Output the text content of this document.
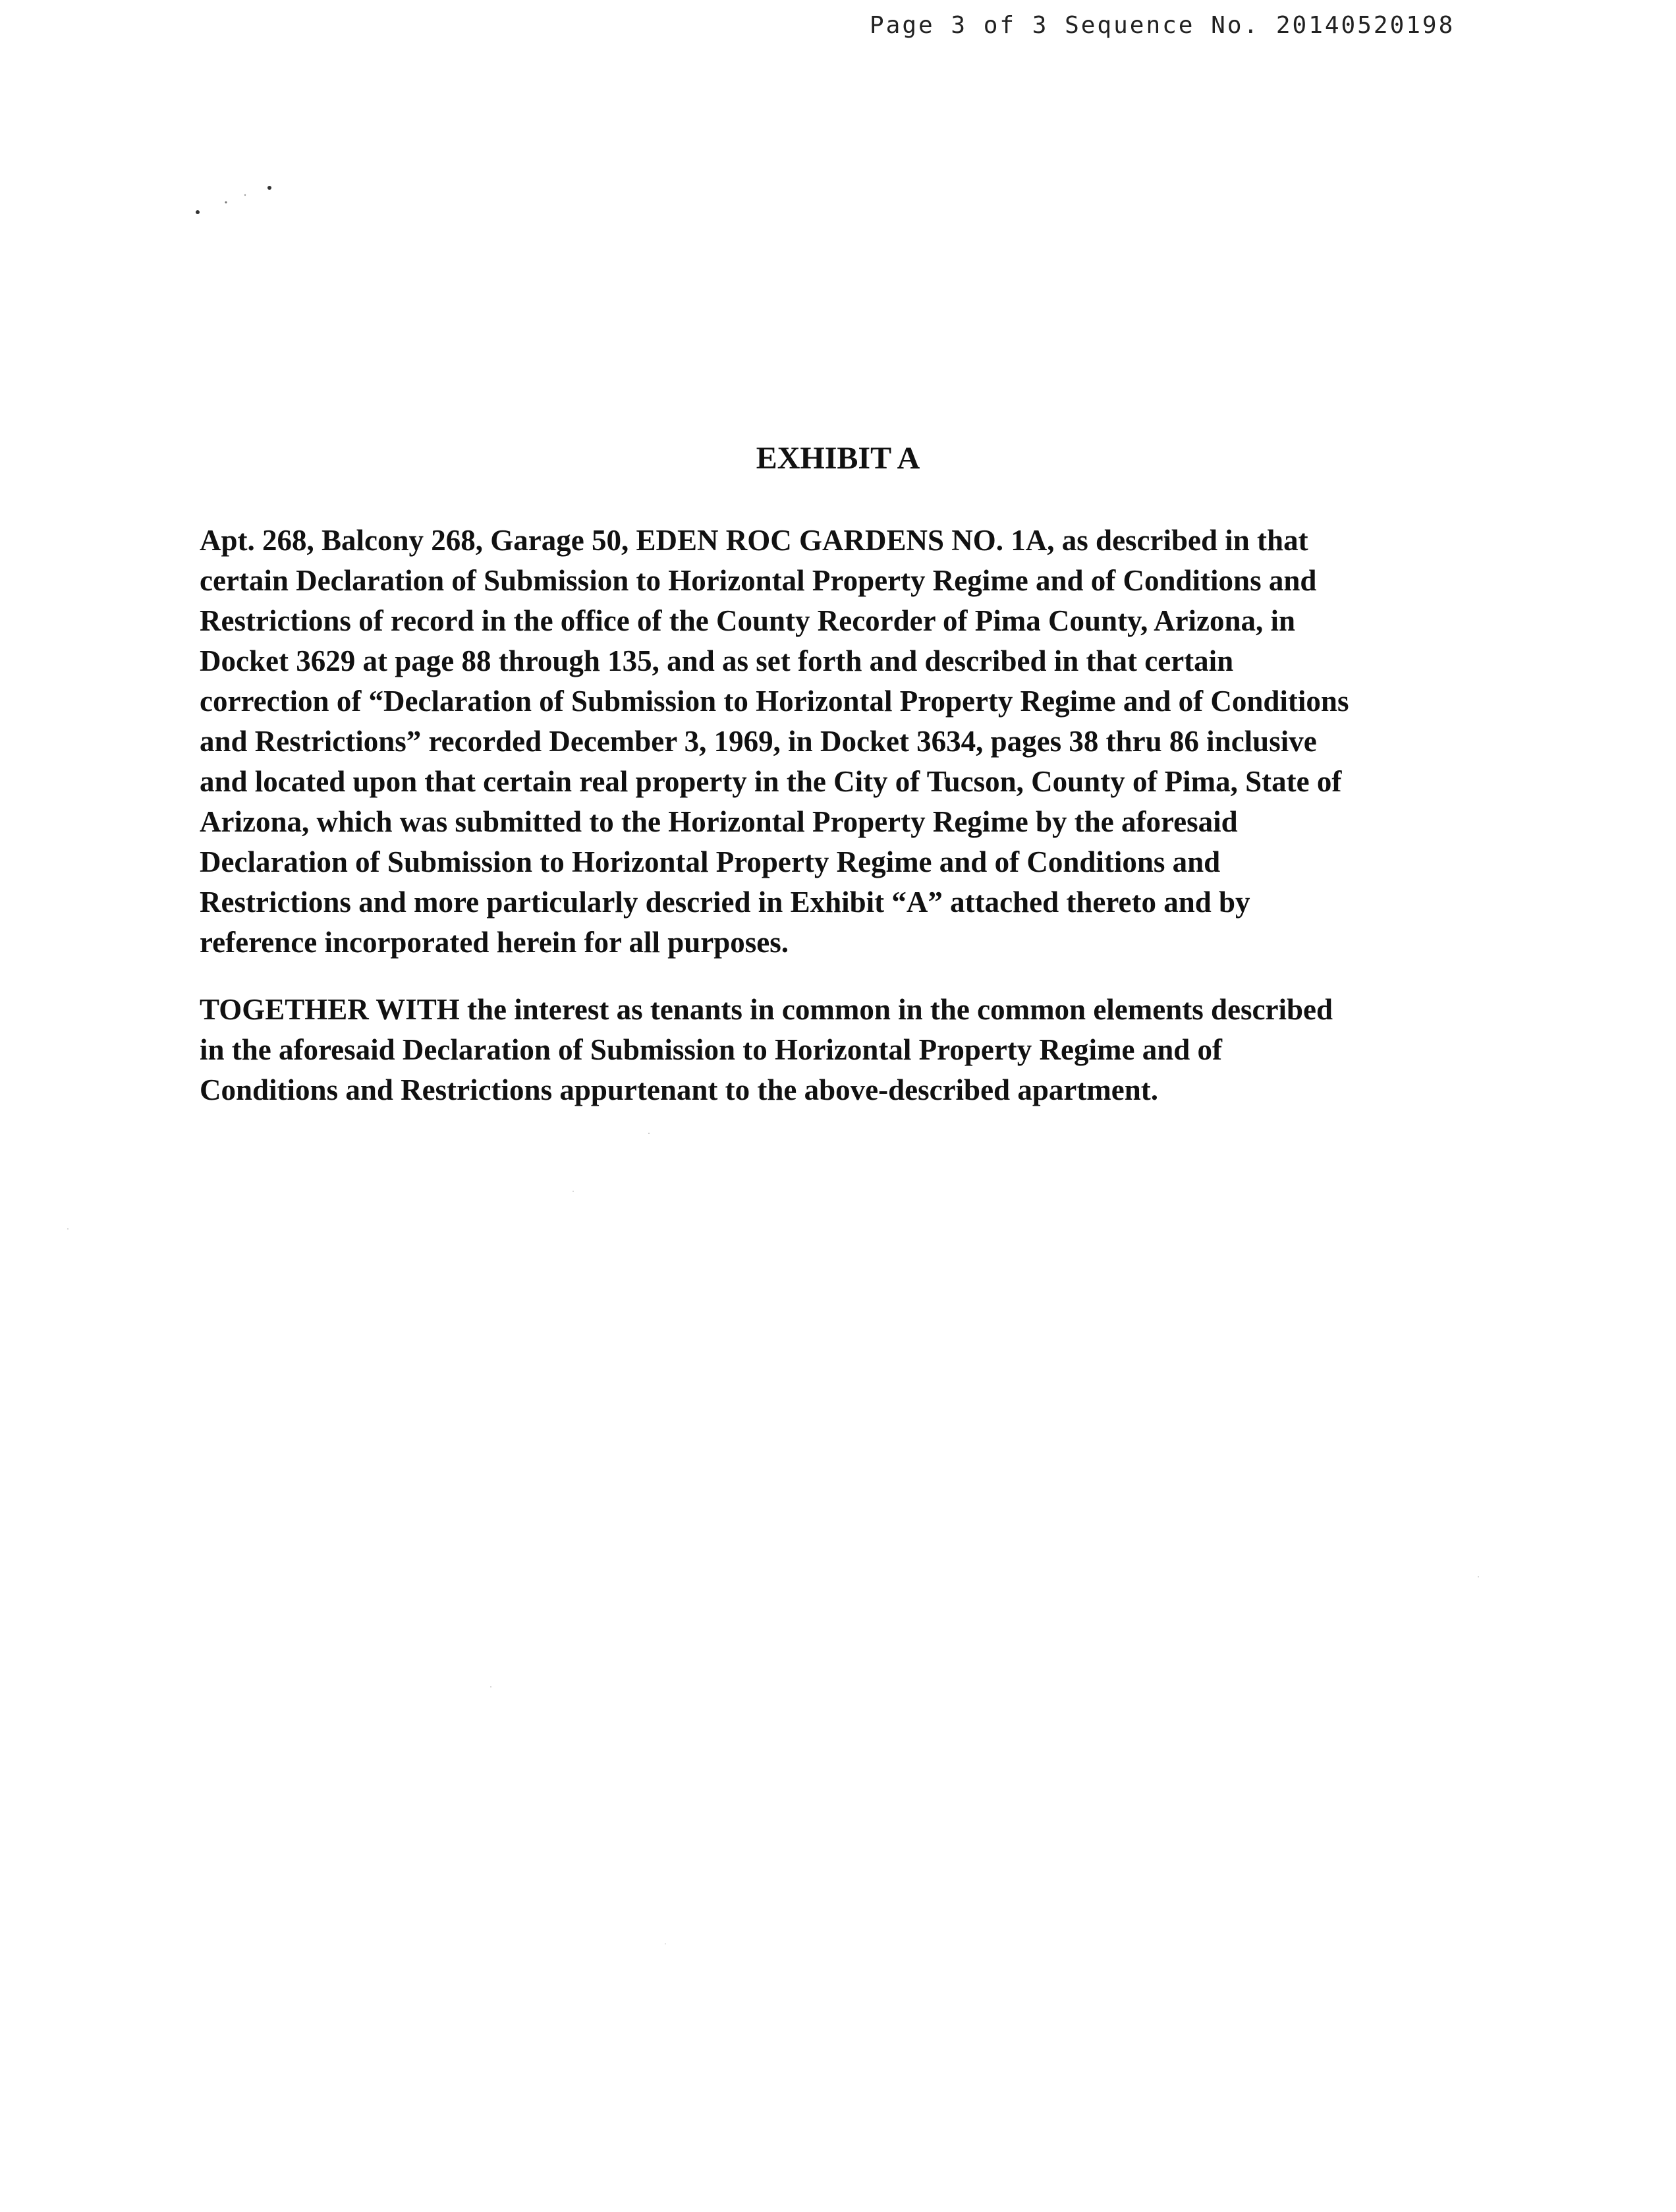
Page 3 of 3 Sequence No. 20140520198
EXHIBIT A
Apt. 268, Balcony 268, Garage 50, EDEN ROC GARDENS NO. 1A, as described in that
certain Declaration of Submission to Horizontal Property Regime and of Conditions and
Restrictions of record in the office of the County Recorder of Pima County, Arizona, in
Docket 3629 at page 88 through 135, and as set forth and described in that certain
correction of “Declaration of Submission to Horizontal Property Regime and of Conditions
and Restrictions” recorded December 3, 1969, in Docket 3634, pages 38 thru 86 inclusive
and located upon that certain real property in the City of Tucson, County of Pima, State of
Arizona, which was submitted to the Horizontal Property Regime by the aforesaid
Declaration of Submission to Horizontal Property Regime and of Conditions and
Restrictions and more particularly descried in Exhibit “A” attached thereto and by
reference incorporated herein for all purposes.
TOGETHER WITH the interest as tenants in common in the common elements described
in the aforesaid Declaration of Submission to Horizontal Property Regime and of
Conditions and Restrictions appurtenant to the above-described apartment.
